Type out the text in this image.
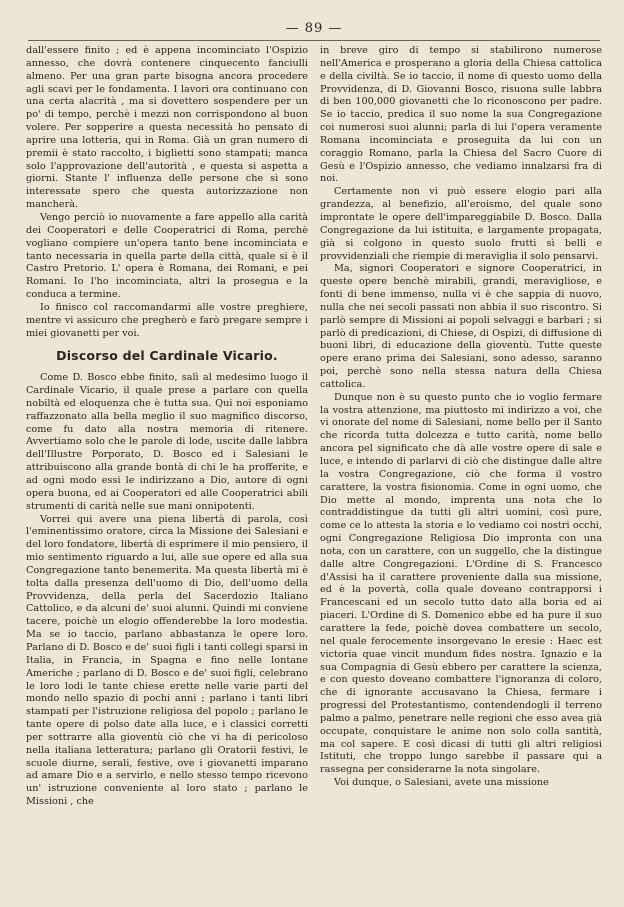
— 89 —

dall'essere finito ; ed è appena incominciato l'Ospizio annesso, che dovrà contenere cinquecento fanciulli almeno. Per una gran parte bisogna ancora procedere agli scavi per le fondamenta. I lavori ora continuano con una certa alacrità , ma si dovettero sospendere per un po' di tempo, perchè i mezzi non corrispondono al buon volere. Per sopperire a questa necessità ho pensato di aprire una lotteria, qui in Roma. Già un gran numero di premii è stato raccolto, i biglietti sono stampati; manca solo l'approvazione dell'autorità , e questa si aspetta a giorni. Stante l' influenza delle persone che si sono interessate spero che questa autorizzazione non mancherà.

Vengo perciò io nuovamente a fare appello alla carità dei Cooperatori e delle Cooperatrici di Roma, perchè vogliano compiere un'opera tanto bene incominciata e tanto necessaria in quella parte della città, quale si è il Castro Pretorio. L' opera è Romana, dei Romani, e pei Romani. Io l'ho incominciata, altri la prosegua e la conduca a termine.

Io finisco col raccomandarmi alle vostre preghiere, mentre vi assicuro che pregherò e farò pregare sempre i miei giovanetti per voi.

Discorso del Cardinale Vicario.

Come D. Bosco ebbe finito, salì al medesimo luogo il Cardinale Vicario, il quale prese a parlare con quella nobiltà ed eloquenza che è tutta sua. Qui noi esponiamo raffazzonato alla bella meglio il suo magnifico discorso, come fu dato alla nostra memoria di ritenere. Avvertiamo solo che le parole di lode, uscite dalle labbra dell'Illustre Porporato, D. Bosco ed i Salesiani le attribuiscono alla grande bontà di chi le ha profferite, e ad ogni modo essi le indirizzano a Dio, autore di ogni opera buona, ed ai Cooperatori ed alle Cooperatrici abili strumenti di carità nelle sue mani onnipotenti.

Vorrei qui avere una piena libertà di parola, così l'eminentissimo oratore, circa la Missione dei Salesiani e del loro fondatore, libertà di esprimere il mio pensiero, il mio sentimento riguardo a lui, alle sue opere ed alla sua Congregazione tanto benemerita. Ma questa libertà mi è tolta dalla presenza dell'uomo di Dio, dell'uomo della Provvidenza, della perla del Sacerdozio Italiano Cattolico, e da alcuni de' suoi alunni. Quindi mi conviene tacere, poichè un elogio offenderebbe la loro modestia. Ma se io taccio, parlano abbastanza le opere loro. Parlano di D. Bosco e de' suoi figli i tanti collegi sparsi in Italia, in Francia, in Spagna e fino nelle lontane Americhe ; parlano di D. Bosco e de' suoi figli, celebrano le loro lodi le tante chiese erette nelle varie parti del mondo nello spazio di pochi anni ; parlano i tanti libri stampati per l'istruzione religiosa del popolo ; parlano le tante opere di polso date alla luce, e i classici corretti per sottrarre alla gioventù ciò che vi ha di pericoloso nella italiana letteratura; parlano gli Oratorii festivi, le scuole diurne, serali, festive, ove i giovanetti imparano ad amare Dio e a servirlo, e nello stesso tempo ricevono un' istruzione conveniente al loro stato ; parlano le Missioni , che

in breve giro di tempo si stabilirono numerose nell'America e prosperano a gloria della Chiesa cattolica e della civiltà. Se io taccio, il nome di questo uomo della Provvidenza, di D. Giovanni Bosco, risuona sulle labbra di ben 100,000 giovanetti che lo riconoscono per padre. Se io taccio, predica il suo nome la sua Congregazione coi numerosi suoi alunni; parla di lui l'opera veramente Romana incominciata e proseguita da lui con un coraggio Romano, parla la Chiesa del Sacro Cuore di Gesù e l'Ospizio annesso, che vediamo innalzarsi fra di noi.

Certamente non vi può essere elogio pari alla grandezza, al benefizio, all'eroismo, del quale sono improntate le opere dell'impareggiabile D. Bosco. Dalla Congregazione da lui istituita, e largamente propagata, già si colgono in questo suolo frutti sì belli e provvidenziali che riempie di meraviglia il solo pensarvi.

Ma, signori Cooperatori e signore Cooperatrici, in queste opere benchè mirabili, grandi, meravigliose, e fonti di bene immenso, nulla vi è che sappia di nuovo, nulla che nei secoli passati non abbia il suo riscontro. Si parlò sempre di Missioni ai popoli selvaggi e barbari ; si parlò di predicazioni, di Chiese, di Ospizi, di diffusione di buoni libri, di educazione della gioventù. Tutte queste opere erano prima dei Salesiani, sono adesso, saranno poi, perchè sono nella stessa natura della Chiesa cattolica.

Dunque non è su questo punto che io voglio fermare la vostra attenzione, ma piuttosto mi indirizzo a voi, che vi onorate del nome di Salesiani, nome bello per il Santo che ricorda tutta dolcezza e tutto carità, nome bello ancora pel significato che dà alle vostre opere di sale e luce, e intendo di parlarvi di ciò che distingue dalle altre la vostra Congregazione, ciò che forma il vostro carattere, la vostra fisionomia. Come in ogni uomo, che Dio mette al mondo, imprenta una nota che lo contraddistingue da tutti gli altri uomini, così pure, come ce lo attesta la storia e lo vediamo coi nostri occhi, ogni Congregazione Religiosa Dio impronta con una nota, con un carattere, con un suggello, che la distingue dalle altre Congregazioni. L'Ordine di S. Francesco d'Assisi ha il carattere proveniente dalla sua missione, ed è la povertà, colla quale doveano contrapporsi i Francescani ed un secolo tutto dato alla boria ed ai piaceri. L'Ordine di S. Domenico ebbe ed ha pure il suo carattere la fede, poichè dovea combattere un secolo, nel quale ferocemente insorgevano le eresie : Haec est victoria quae vincit mundum fides nostra. Ignazio e la sua Compagnia di Gesù ebbero per carattere la scienza, e con questo doveano combattere l'ignoranza di coloro, che di ignorante accusavano la Chiesa, fermare i progressi del Protestantismo, contendendogli il terreno palmo a palmo, penetrare nelle regioni che esso avea già occupate, conquistare le anime non solo colla santità, ma col sapere. E così dicasi di tutti gli altri religiosi Istituti, che troppo lungo sarebbe il passare qui a rassegna per considerarne la nota singolare.

Voi dunque, o Salesiani, avete una missione
